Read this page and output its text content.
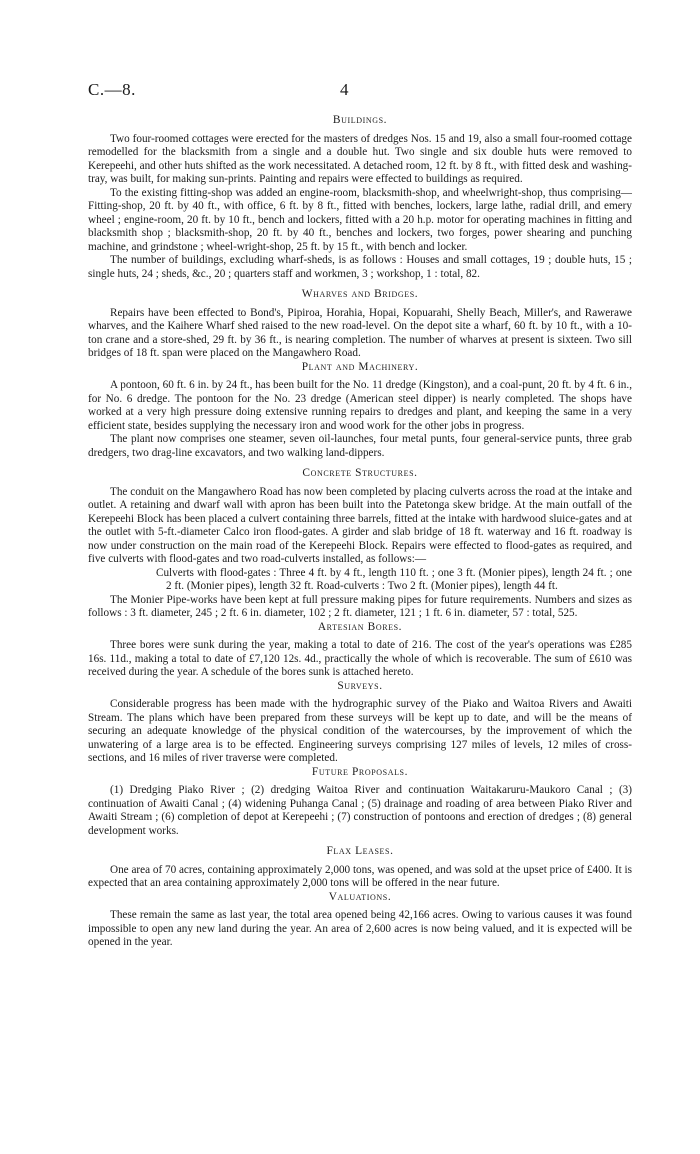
C.—8.	4
Buildings.

Two four-roomed cottages were erected for the masters of dredges Nos. 15 and 19, also a small four-roomed cottage remodelled for the blacksmith from a single and a double hut. Two single and six double huts were removed to Kerepeehi, and other huts shifted as the work necessitated. A detached room, 12 ft. by 8 ft., with fitted desk and washing-tray, was built, for making sun-prints. Painting and repairs were effected to buildings as required.

To the existing fitting-shop was added an engine-room, blacksmith-shop, and wheelwright-shop, thus comprising—Fitting-shop, 20 ft. by 40 ft., with office, 6 ft. by 8 ft., fitted with benches, lockers, large lathe, radial drill, and emery wheel ; engine-room, 20 ft. by 10 ft., bench and lockers, fitted with a 20 h.p. motor for operating machines in fitting and blacksmith shop ; blacksmith-shop, 20 ft. by 40 ft., benches and lockers, two forges, power shearing and punching machine, and grindstone ; wheel-wright-shop, 25 ft. by 15 ft., with bench and locker.

The number of buildings, excluding wharf-sheds, is as follows : Houses and small cottages, 19 ; double huts, 15 ; single huts, 24 ; sheds, &c., 20 ; quarters staff and workmen, 3 ; workshop, 1 : total, 82.

Wharves and Bridges.

Repairs have been effected to Bond's, Pipiroa, Horahia, Hopai, Kopuarahi, Shelly Beach, Miller's, and Rawerawe wharves, and the Kaihere Wharf shed raised to the new road-level. On the depot site a wharf, 60 ft. by 10 ft., with a 10-ton crane and a store-shed, 29 ft. by 36 ft., is nearing completion. The number of wharves at present is sixteen. Two sill bridges of 18 ft. span were placed on the Mangawhero Road.

Plant and Machinery.

A pontoon, 60 ft. 6 in. by 24 ft., has been built for the No. 11 dredge (Kingston), and a coal-punt, 20 ft. by 4 ft. 6 in., for No. 6 dredge. The pontoon for the No. 23 dredge (American steel dipper) is nearly completed. The shops have worked at a very high pressure doing extensive running repairs to dredges and plant, and keeping the same in a very efficient state, besides supplying the necessary iron and wood work for the other jobs in progress.

The plant now comprises one steamer, seven oil-launches, four metal punts, four general-service punts, three grab dredgers, two drag-line excavators, and two walking land-dippers.

Concrete Structures.

The conduit on the Mangawhero Road has now been completed by placing culverts across the road at the intake and outlet. A retaining and dwarf wall with apron has been built into the Patetonga skew bridge. At the main outfall of the Kerepeehi Block has been placed a culvert containing three barrels, fitted at the intake with hardwood sluice-gates and at the outlet with 5-ft.-diameter Calco iron flood-gates. A girder and slab bridge of 18 ft. waterway and 16 ft. roadway is now under construction on the main road of the Kerepeehi Block. Repairs were effected to flood-gates as required, and five culverts with flood-gates and two road-culverts installed, as follows:—

Culverts with flood-gates : Three 4 ft. by 4 ft., length 110 ft. ; one 3 ft. (Monier pipes), length 24 ft. ; one 2 ft. (Monier pipes), length 32 ft. Road-culverts : Two 2 ft. (Monier pipes), length 44 ft.

The Monier Pipe-works have been kept at full pressure making pipes for future requirements. Numbers and sizes as follows : 3 ft. diameter, 245 ; 2 ft. 6 in. diameter, 102 ; 2 ft. diameter, 121 ; 1 ft. 6 in. diameter, 57 : total, 525.

Artesian Bores.

Three bores were sunk during the year, making a total to date of 216. The cost of the year's operations was £285 16s. 11d., making a total to date of £7,120 12s. 4d., practically the whole of which is recoverable. The sum of £610 was received during the year. A schedule of the bores sunk is attached hereto.

Surveys.

Considerable progress has been made with the hydrographic survey of the Piako and Waitoa Rivers and Awaiti Stream. The plans which have been prepared from these surveys will be kept up to date, and will be the means of securing an adequate knowledge of the physical condition of the watercourses, by the improvement of which the unwatering of a large area is to be effected. Engineering surveys comprising 127 miles of levels, 12 miles of cross-sections, and 16 miles of river traverse were completed.

Future Proposals.

(1) Dredging Piako River ; (2) dredging Waitoa River and continuation Waitakaruru-Maukoro Canal ; (3) continuation of Awaiti Canal ; (4) widening Puhanga Canal ; (5) drainage and roading of area between Piako River and Awaiti Stream ; (6) completion of depot at Kerepeehi ; (7) construction of pontoons and erection of dredges ; (8) general development works.

Flax Leases.

One area of 70 acres, containing approximately 2,000 tons, was opened, and was sold at the upset price of £400. It is expected that an area containing approximately 2,000 tons will be offered in the near future.

Valuations.

These remain the same as last year, the total area opened being 42,166 acres. Owing to various causes it was found impossible to open any new land during the year. An area of 2,600 acres is now being valued, and it is expected will be opened in the year.
